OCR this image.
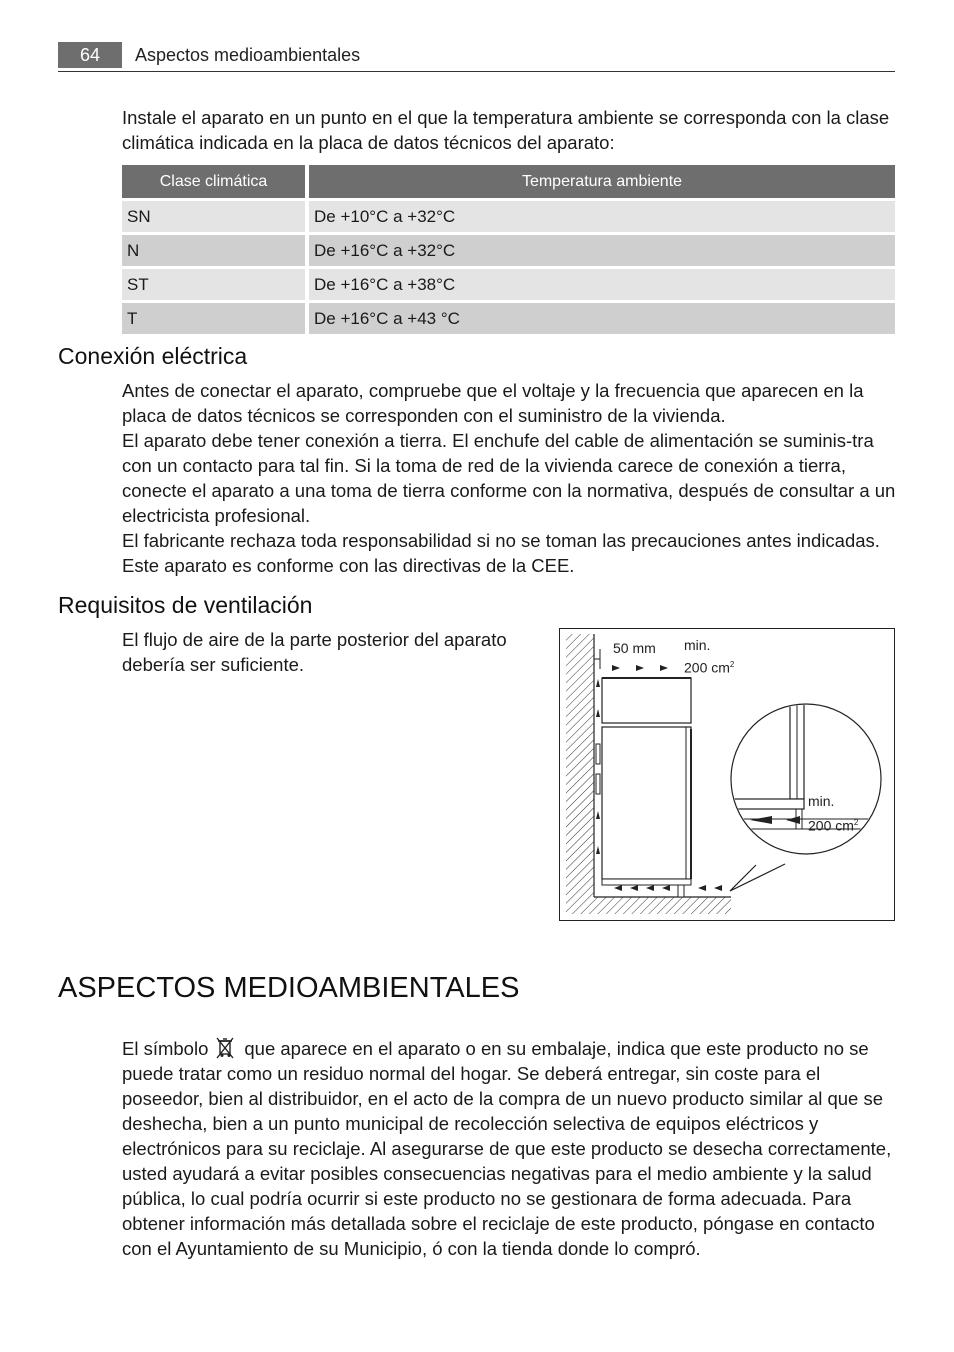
64	Aspectos medioambientales

Instale el aparato en un punto en el que la temperatura ambiente se corresponda con la clase climática indicada en la placa de datos técnicos del aparato:

Clase climática	Temperatura ambiente
SN	De +10°C a +32°C
N	De +16°C a +32°C
ST	De +16°C a +38°C
T	De +16°C a +43 °C
Conexión eléctrica

Antes de conectar el aparato, compruebe que el voltaje y la frecuencia que aparecen en la placa de datos técnicos se corresponden con el suministro de la vivienda.

El aparato debe tener conexión a tierra. El enchufe del cable de alimentación se suminis-tra con un contacto para tal fin. Si la toma de red de la vivienda carece de conexión a tierra, conecte el aparato a una toma de tierra conforme con la normativa, después de consultar a un electricista profesional.

El fabricante rechaza toda responsabilidad si no se toman las precauciones antes indicadas.

Este aparato es conforme con las directivas de la CEE.

Requisitos de ventilación

El flujo de aire de la parte posterior del aparato debería ser suficiente.

50 mm min.
200 $cm^2$
min.
200 $cm^2$
ASPECTOS MEDIOAMBIENTALES

El símbolo que aparece en el aparato o en su embalaje, indica que este producto no se puede tratar como un residuo normal del hogar. Se deberá entregar, sin coste para el poseedor, bien al distribuidor, en el acto de la compra de un nuevo producto similar al que se deshecha, bien a un punto municipal de recolección selectiva de equipos eléctricos y electrónicos para su reciclaje. Al asegurarse de que este producto se desecha correctamente, usted ayudará a evitar posibles consecuencias negativas para el medio ambiente y la salud pública, lo cual podría ocurrir si este producto no se gestionara de forma adecuada. Para obtener información más detallada sobre el reciclaje de este producto, póngase en contacto con el Ayuntamiento de su Municipio, ó con la tienda donde lo compró.
